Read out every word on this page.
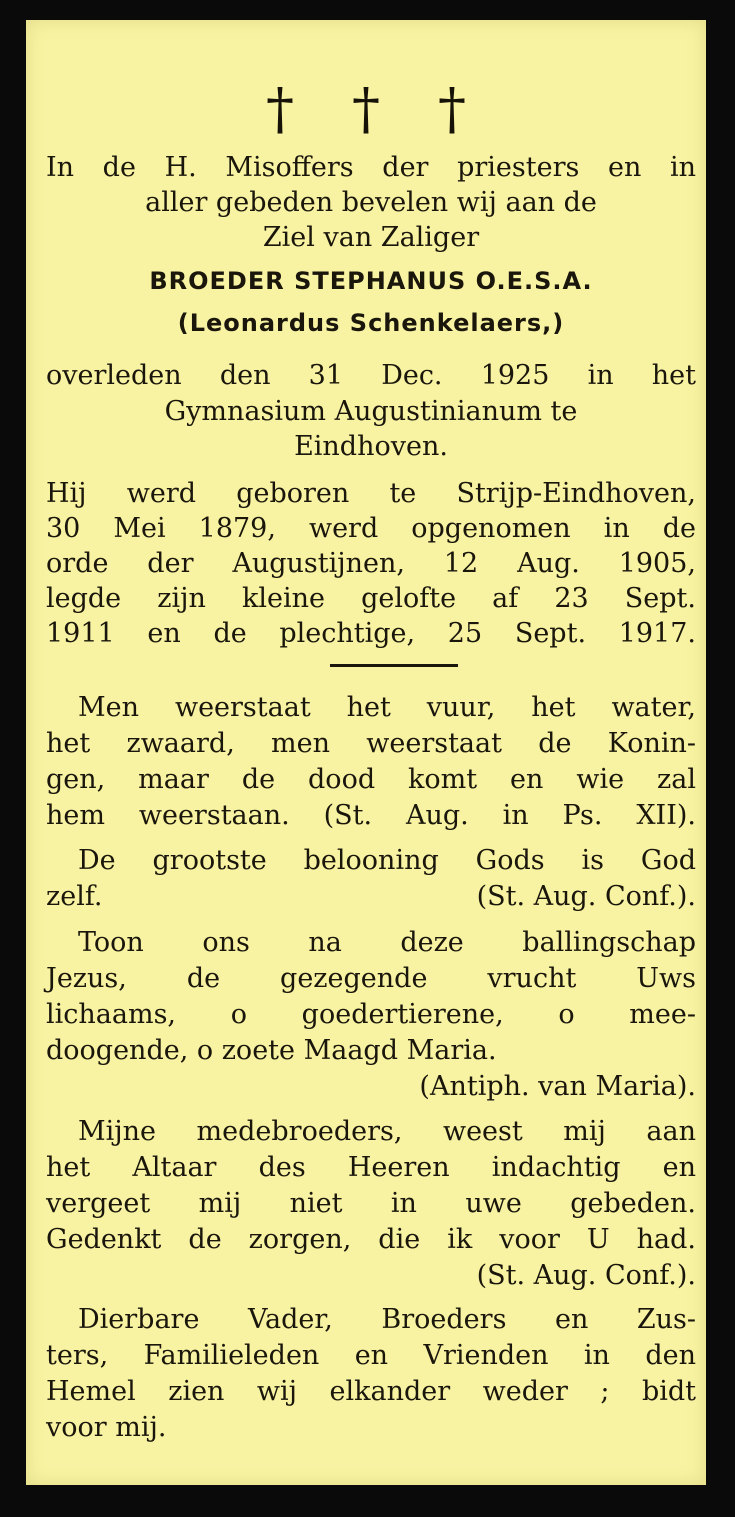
† † †
In de H. Misoffers der priesters en in
aller gebeden bevelen wij aan de
Ziel van Zaliger
BROEDER STEPHANUS O.E.S.A.
(Leonardus Schenkelaers,)
overleden den 31 Dec. 1925 in het
Gymnasium Augustinianum te
Eindhoven.
Hij werd geboren te Strijp-Eindhoven,
30 Mei 1879, werd opgenomen in de
orde der Augustijnen, 12 Aug. 1905,
legde zijn kleine gelofte af 23 Sept.
1911 en de plechtige, 25 Sept. 1917.
Men weerstaat het vuur, het water,
het zwaard, men weerstaat de Konin-
gen, maar de dood komt en wie zal
hem weerstaan. (St. Aug. in Ps. XII).
De grootste belooning Gods is God
zelf.	(St. Aug. Conf.).
Toon ons na deze ballingschap
Jezus, de gezegende vrucht Uws
lichaams, o goedertierene, o mee-
doogende, o zoete Maagd Maria.
(Antiph. van Maria).
Mijne medebroeders, weest mij aan
het Altaar des Heeren indachtig en
vergeet mij niet in uwe gebeden.
Gedenkt de zorgen, die ik voor U had.
(St. Aug. Conf.).
Dierbare Vader, Broeders en Zus-
ters, Familieleden en Vrienden in den
Hemel zien wij elkander weder ; bidt
voor mij.
